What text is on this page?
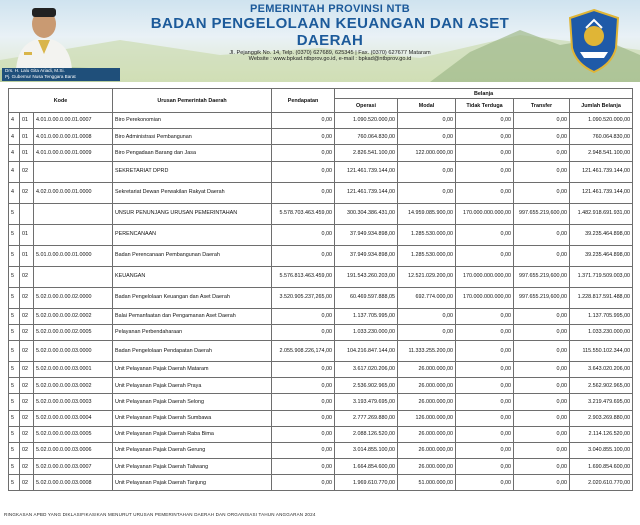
Drs. H. Lalu Gita Ariadi, M.Si.
Pj. Gubernur Nusa Tenggara Barat
PEMERINTAH PROVINSI NTB
BADAN PENGELOLAAN KEUANGAN DAN ASET DAERAH
Jl. Pejanggik No. 14, Telp. (0370) 627689, 625345 | Fax. (0370) 627677 Mataram
Website : www.bpkad.ntbprov.go.id, e-mail : bpkad@ntbprov.go.id
Kode			Urusan Pemerintah Daerah	Pendapatan	Belanja				
					Operasi	Modal	Tidak Terduga	Transfer	Jumlah Belanja
4	01	4.01.0.00.0.00.01.0007	Biro Perekonomian	0,00	1.090.520.000,00	0,00	0,00	0,00	1.090.520.000,00
4	01	4.01.0.00.0.00.01.0008	Biro Administrasi Pembangunan	0,00	760.064.830,00	0,00	0,00	0,00	760.064.830,00
4	01	4.01.0.00.0.00.01.0009	Biro Pengadaan Barang dan Jasa	0,00	2.826.541.100,00	122.000.000,00	0,00	0,00	2.948.541.100,00
4	02		SEKRETARIAT DPRD	0,00	121.461.739.144,00	0,00	0,00	0,00	121.461.739.144,00
4	02	4.02.0.00.0.00.01.0000	Sekretariat Dewan Perwakilan Rakyat Daerah	0,00	121.461.739.144,00	0,00	0,00	0,00	121.461.739.144,00
5			UNSUR PENUNJANG URUSAN PEMERINTAHAN	5.578.703.463.459,00	300.304.386.431,00	14.959.085.900,00	170.000.000.000,00	997.655.219,600,00	1.482.918.691.931,00
5	01		PERENCANAAN	0,00	37.949.934.898,00	1.285.530.000,00	0,00	0,00	39.235.464.898,00
5	01	5.01.0.00.0.00.01.0000	Badan Perencanaan Pembangunan Daerah	0,00	37.949.934.898,00	1.285.530.000,00	0,00	0,00	39.235.464.898,00
5	02		KEUANGAN	5.576.813.463.459,00	191.543.260.203,00	12.521.029.200,00	170.000.000.000,00	997.655.219,600,00	1.371.719.509.003,00
5	02	5.02.0.00.0.00.02.0000	Badan Pengelolaan Keuangan dan Aset Daerah	3.520.905.237,265,00	60.469.597.888,05	692.774.000,00	170.000.000.000,00	997.655.219,600,00	1.228.817.591.488,00
5	02	5.02.0.00.0.00.02.0002	Balai Pemanfaatan dan Pengamanan Aset Daerah	0,00	1.137.705.995,00	0,00	0,00	0,00	1.137.705.995,00
5	02	5.02.0.00.0.00.02.0005	Pelayanan Perbendaharaan	0,00	1.033.230.000,00	0,00	0,00	0,00	1.033.230.000,00
5	02	5.02.0.00.0.00.03.0000	Badan Pengelolaan Pendapatan Daerah	2.055.908.226,174,00	104.216.847.144,00	11.333.255.200,00	0,00	0,00	115.550.102.344,00
5	02	5.02.0.00.0.00.03.0001	Unit Pelayanan Pajak Daerah Mataram	0,00	3.617.020.206,00	26.000.000,00	0,00	0,00	3.643.020.206,00
5	02	5.02.0.00.0.00.03.0002	Unit Pelayanan Pajak Daerah Praya	0,00	2.536.902.965,00	26.000.000,00	0,00	0,00	2.562.902.965,00
5	02	5.02.0.00.0.00.03.0003	Unit Pelayanan Pajak Daerah Selong	0,00	3.193.479.695,00	26.000.000,00	0,00	0,00	3.219.479.695,00
5	02	5.02.0.00.0.00.03.0004	Unit Pelayanan Pajak Daerah Sumbawa	0,00	2.777.269.880,00	126.000.000,00	0,00	0,00	2.903.269.880,00
5	02	5.02.0.00.0.00.03.0005	Unit Pelayanan Pajak Daerah Raba Bima	0,00	2.088.126.520,00	26.000.000,00	0,00	0,00	2.114.126.520,00
5	02	5.02.0.00.0.00.03.0006	Unit Pelayanan Pajak Daerah Gerung	0,00	3.014.855.100,00	26.000.000,00	0,00	0,00	3.040.855.100,00
5	02	5.02.0.00.0.00.03.0007	Unit Pelayanan Pajak Daerah Taliwang	0,00	1.664.854.600,00	26.000.000,00	0,00	0,00	1.690.854.600,00
5	02	5.02.0.00.0.00.03.0008	Unit Pelayanan Pajak Daerah Tanjung	0,00	1.969.610.770,00	51.000.000,00	0,00	0,00	2.020.610.770,00
RINGKASAN APBD YANG DIKLASIFIKASIKAN MENURUT URUSAN PEMERINTAHAN DAERAH DAN ORGANISASI TAHUN ANGGARAN 2024
